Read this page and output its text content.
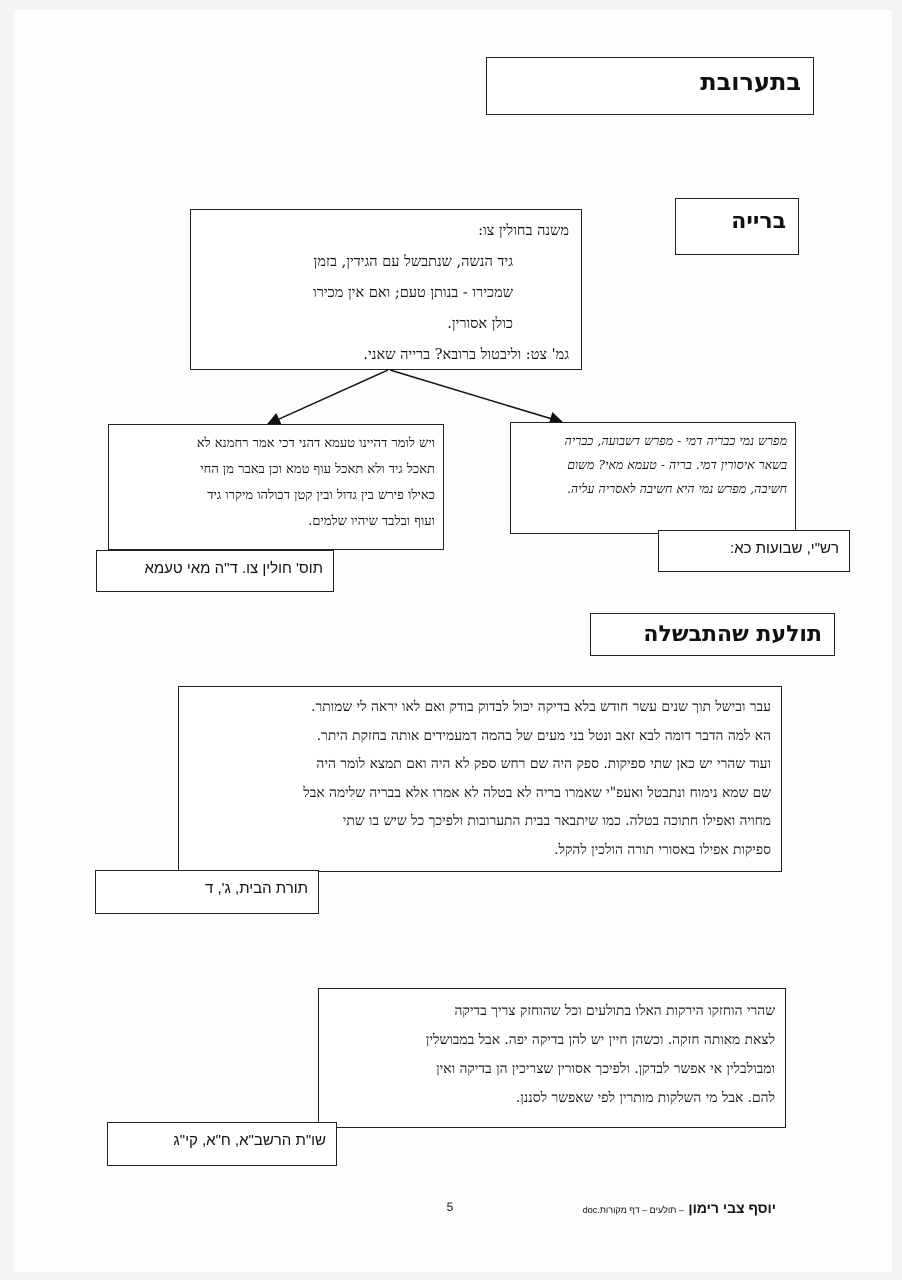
בתערובת
ברייה

משנה בחולין צו:

גיד הנשה, שנתבשל עם הגידין, בזמן

שמכירו - בנותן טעם; ואם אין מכירו

כולן אסורין.

גמ' צט: וליבטול ברובא? ברייה שאני.

מפרש נמי כבריה דמי - מפרש דשבועה, כבריה

בשאר איסורין דמי. בריה - טעמא מאי? משום

חשיבה, מפרש נמי היא חשיבה לאסריה עליה.

רש"י, שבועות כא:

ויש לומר דהיינו טעמא דהני דכי אמר רחמנא לא

תאכל גיד ולא תאכל עוף טמא וכן באבר מן החי

כאילו פירש בין גדול ובין קטן דכולהו מיקרו גיד

ועוף ובלבד שיהיו שלמים.

תוס' חולין צו. ד"ה מאי טעמא
תולעת שהתבשלה

עבר ובישל תוך שנים עשר חודש בלא בדיקה יכול לבדוק בודק ואם לאו יראה לי שמותר.

הא למה הדבר דומה לבא זאב ונטל בני מעים של בהמה דמעמידים אותה בחזקת היתר.

ועוד שהרי יש כאן שתי ספיקות. ספק היה שם רחש ספק לא היה ואם תמצא לומר היה

שם שמא נימוח ונתבטל ואעפ"י שאמרו בריה לא בטלה לא אמרו אלא בבריה שלימה אבל

מחויה ואפילו חתוכה בטלה. כמו שיתבאר בבית התערובות ולפיכך כל שיש בו שתי

ספיקות אפילו באסורי תורה הולכין להקל.

תורת הבית, ג', ד

שהרי הוחזקו הירקות האלו בתולעים וכל שהוחזק צריך בדיקה

לצאת מאותה חזקה. וכשהן חיין יש להן בדיקה יפה. אבל במבושלין

ומבולבלין אי אפשר לבדקן. ולפיכך אסורין שצריכין הן בדיקה ואין

להם. אבל מי השלקות מותרין לפי שאפשר לסננן.

שו"ת הרשב"א, ח"א, קי"ג
יוסף צבי רימון – תולעים – דף מקורות.doc
5
